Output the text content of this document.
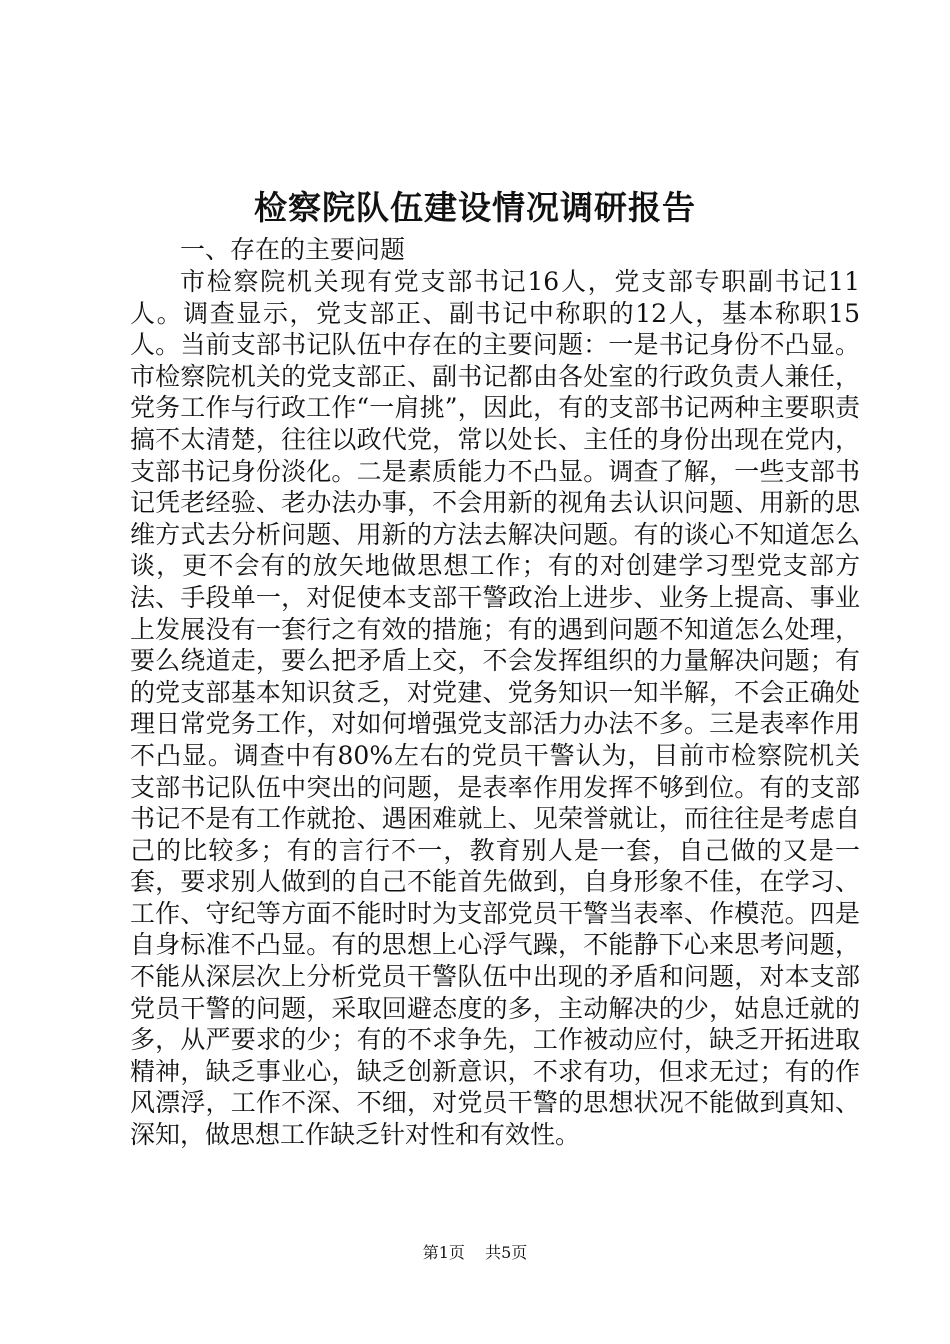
检察院队伍建设情况调研报告

一、存在的主要问题

市检察院机关现有党支部书记16人，党支部专职副书记11人。调查显示，党支部正、副书记中称职的12人，基本称职15人。当前支部书记队伍中存在的主要问题：一是书记身份不凸显。市检察院机关的党支部正、副书记都由各处室的行政负责人兼任，党务工作与行政工作“一肩挑”，因此，有的支部书记两种主要职责搞不太清楚，往往以政代党，常以处长、主任的身份出现在党内，支部书记身份淡化。二是素质能力不凸显。调查了解，一些支部书记凭老经验、老办法办事，不会用新的视角去认识问题、用新的思维方式去分析问题、用新的方法去解决问题。有的谈心不知道怎么谈，更不会有的放矢地做思想工作；有的对创建学习型党支部方法、手段单一，对促使本支部干警政治上进步、业务上提高、事业上发展没有一套行之有效的措施；有的遇到问题不知道怎么处理，要么绕道走，要么把矛盾上交，不会发挥组织的力量解决问题；有的党支部基本知识贫乏，对党建、党务知识一知半解，不会正确处理日常党务工作，对如何增强党支部活力办法不多。三是表率作用不凸显。调查中有80%左右的党员干警认为，目前市检察院机关支部书记队伍中突出的问题，是表率作用发挥不够到位。有的支部书记不是有工作就抢、遇困难就上、见荣誉就让，而往往是考虑自己的比较多；有的言行不一，教育别人是一套，自己做的又是一套，要求别人做到的自己不能首先做到，自身形象不佳，在学习、工作、守纪等方面不能时时为支部党员干警当表率、作模范。四是自身标准不凸显。有的思想上心浮气躁，不能静下心来思考问题，不能从深层次上分析党员干警队伍中出现的矛盾和问题，对本支部党员干警的问题，采取回避态度的多，主动解决的少，姑息迁就的多，从严要求的少；有的不求争先，工作被动应付，缺乏开拓进取精神，缺乏事业心，缺乏创新意识，不求有功，但求无过；有的作风漂浮，工作不深、不细，对党员干警的思想状况不能做到真知、深知，做思想工作缺乏针对性和有效性。

第1页 共5页
